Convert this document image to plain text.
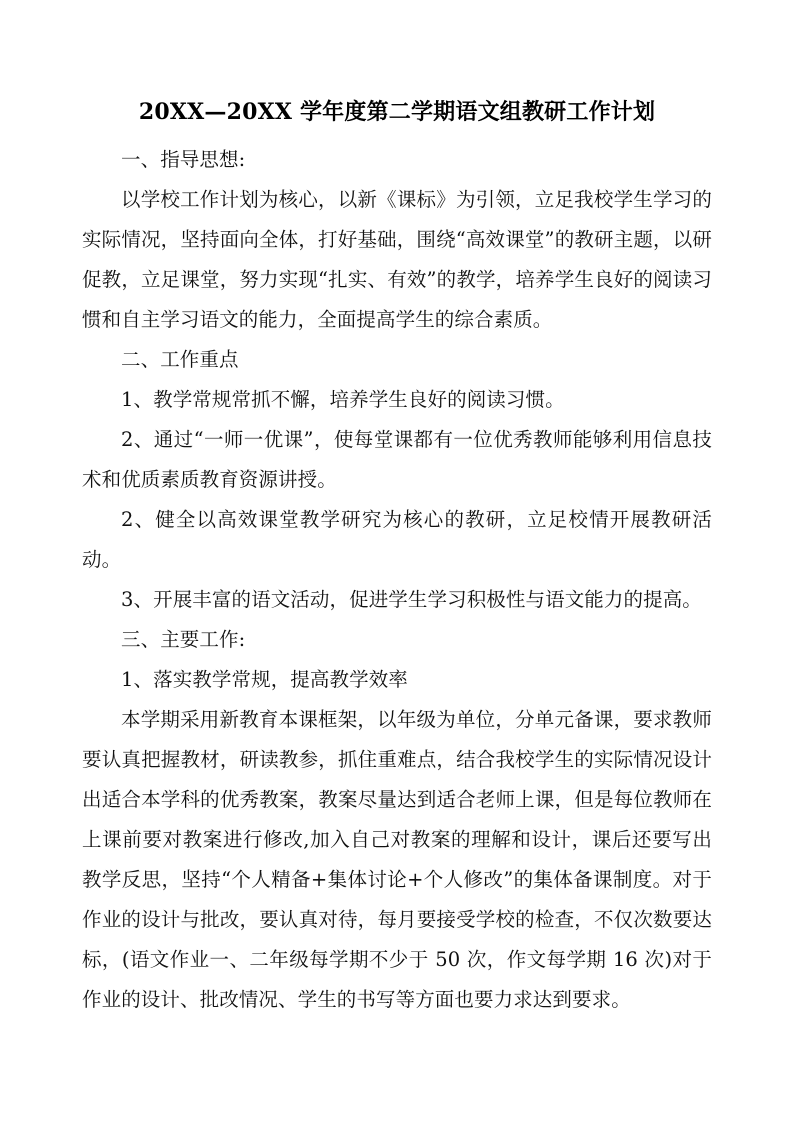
20XX—20XX 学年度第二学期语文组教研工作计划

一、指导思想:

以学校工作计划为核心，以新《课标》为引领，立足我校学生学习的实际情况，坚持面向全体，打好基础，围绕“高效课堂”的教研主题，以研促教，立足课堂，努力实现“扎实、有效”的教学，培养学生良好的阅读习惯和自主学习语文的能力，全面提高学生的综合素质。

二、工作重点

1、教学常规常抓不懈，培养学生良好的阅读习惯。

2、通过“一师一优课”，使每堂课都有一位优秀教师能够利用信息技术和优质素质教育资源讲授。

2、健全以高效课堂教学研究为核心的教研，立足校情开展教研活动。

3、开展丰富的语文活动，促进学生学习积极性与语文能力的提高。

三、主要工作:

1、落实教学常规，提高教学效率

本学期采用新教育本课框架，以年级为单位，分单元备课，要求教师要认真把握教材，研读教参，抓住重难点，结合我校学生的实际情况设计出适合本学科的优秀教案，教案尽量达到适合老师上课，但是每位教师在上课前要对教案进行修改,加入自己对教案的理解和设计，课后还要写出教学反思，坚持“个人精备+集体讨论+个人修改”的集体备课制度。对于作业的设计与批改，要认真对待，每月要接受学校的检查，不仅次数要达标，(语文作业一、二年级每学期不少于 50 次，作文每学期 16 次)对于作业的设计、批改情况、学生的书写等方面也要力求达到要求。
